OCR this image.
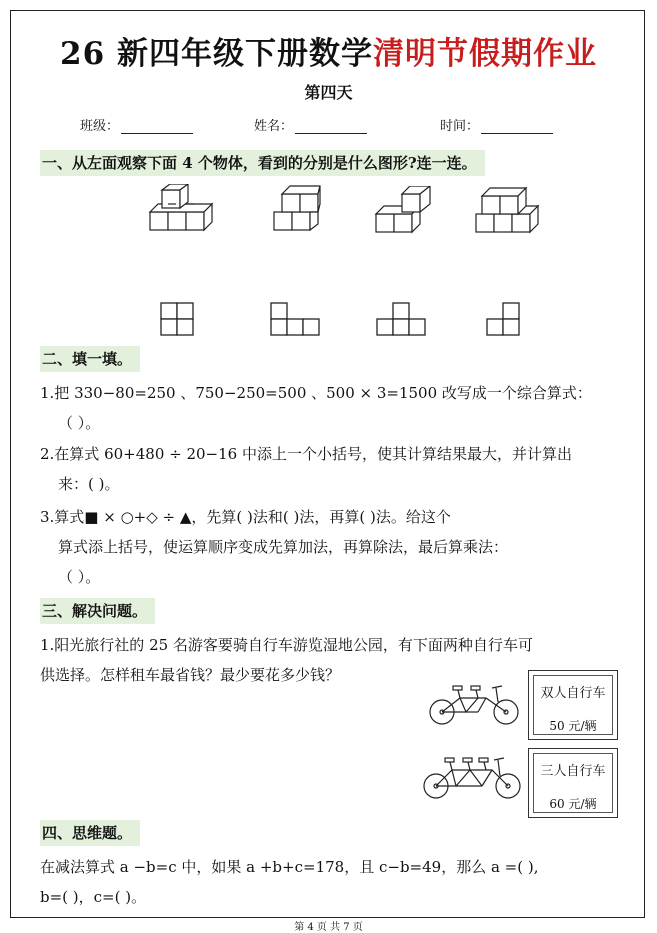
26 新四年级下册数学清明节假期作业
第四天
班级：	姓名：	时间：
一、从左面观察下面 4 个物体，看到的分别是什么图形?连一连。
二、填一填。
1.把 330−80=250 、750−250=500 、500 × 3=1500 改写成一个综合算式：
（ ）。
2.在算式 60+480 ÷ 20−16 中添上一个小括号，使其计算结果最大，并计算出
来：( )。
3.算式■ × ○+◇ ÷ ▲，先算( )法和( )法，再算( )法。给这个
算式添上括号，使运算顺序变成先算加法，再算除法，最后算乘法：
（ ）。
三、解决问题。
1.阳光旅行社的 25 名游客要骑自行车游览湿地公园，有下面两种自行车可
供选择。怎样租车最省钱？最少要花多少钱？
双人自行车
50 元/辆
三人自行车
60 元/辆
四、思维题。
在减法算式 a −b=c 中，如果 a +b+c=178，且 c−b=49，那么 a =( ),
b=( )，c=( )。
第 4 页 共 7 页
